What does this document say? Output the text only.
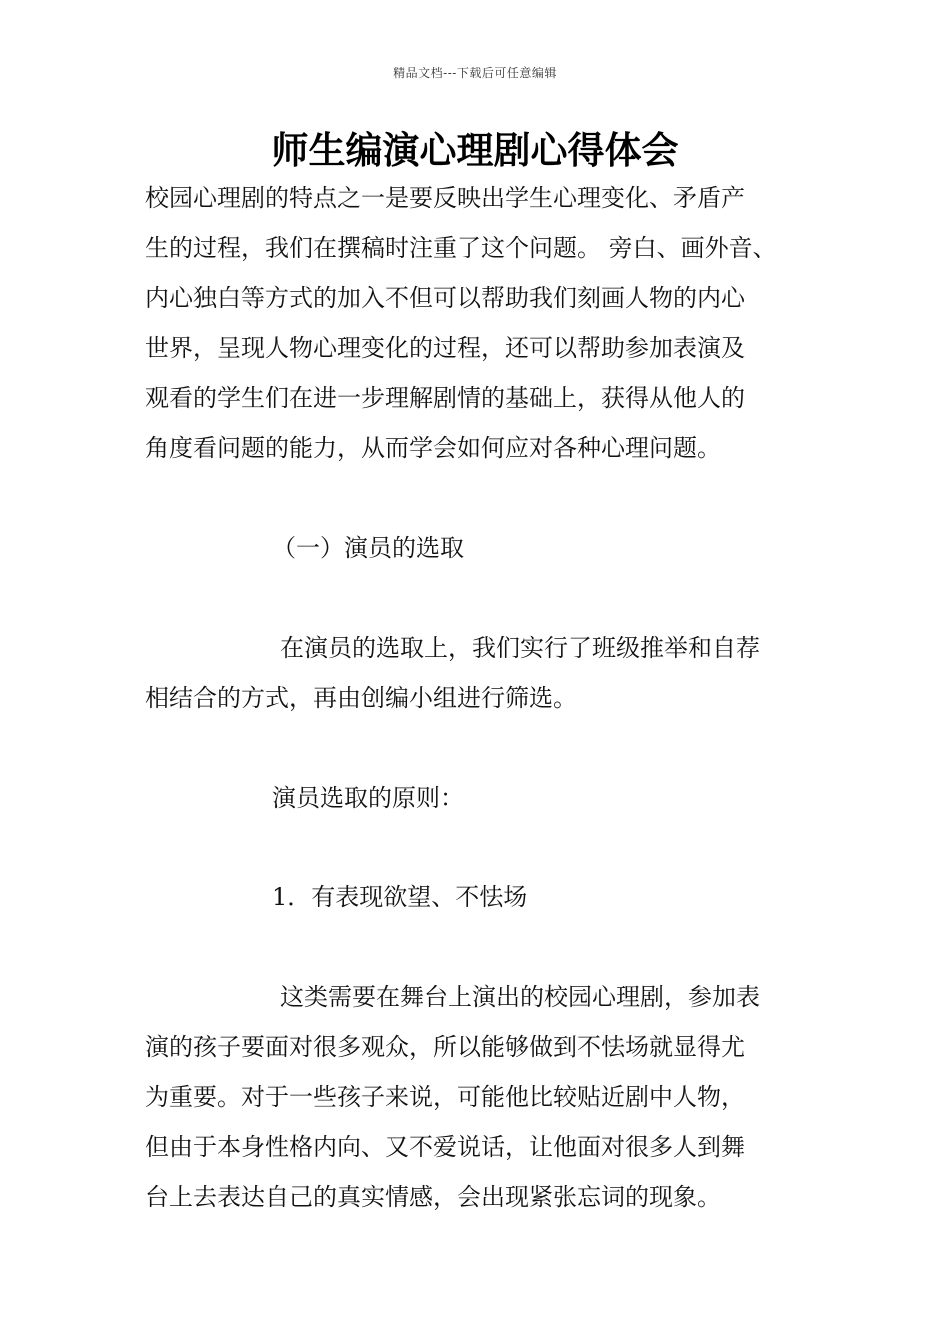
精品文档---下载后可任意编辑
师生编演心理剧心得体会
校园心理剧的特点之一是要反映出学生心理变化、矛盾产
生的过程，我们在撰稿时注重了这个问题。 旁白、画外音、
内心独白等方式的加入不但可以帮助我们刻画人物的内心
世界，呈现人物心理变化的过程，还可以帮助参加表演及
观看的学生们在进一步理解剧情的基础上，获得从他人的
角度看问题的能力，从而学会如何应对各种心理问题。
（一）演员的选取
在演员的选取上，我们实行了班级推举和自荐
相结合的方式，再由创编小组进行筛选。
演员选取的原则：
1．有表现欲望、不怯场
这类需要在舞台上演出的校园心理剧，参加表
演的孩子要面对很多观众，所以能够做到不怯场就显得尤
为重要。对于一些孩子来说，可能他比较贴近剧中人物，
但由于本身性格内向、又不爱说话，让他面对很多人到舞
台上去表达自己的真实情感，会出现紧张忘词的现象。
